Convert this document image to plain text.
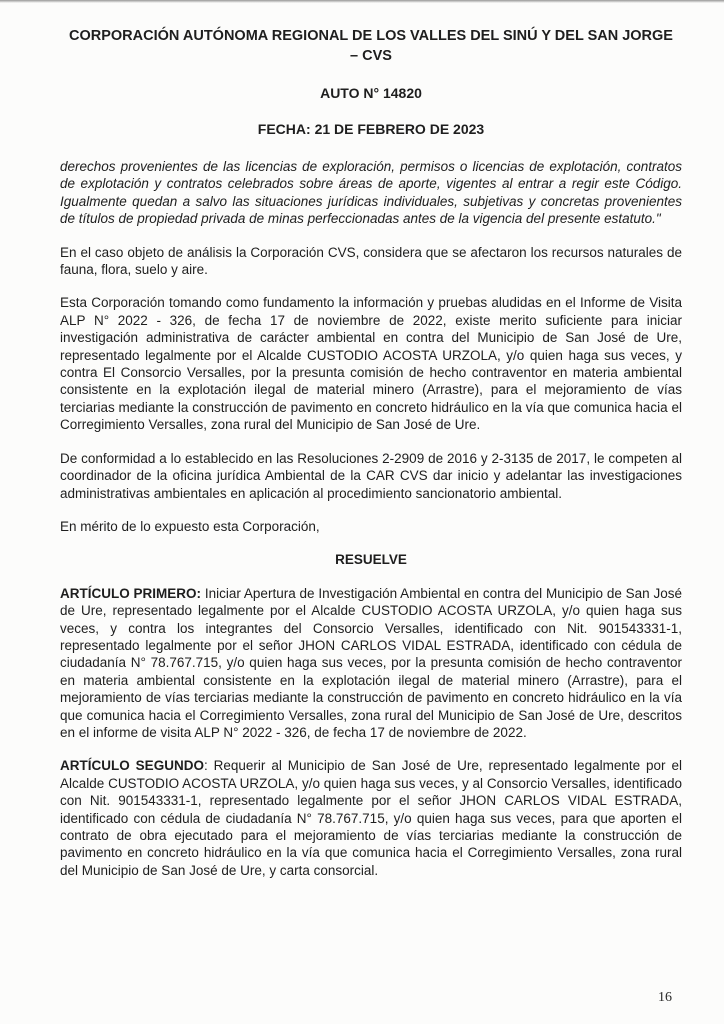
CORPORACIÓN AUTÓNOMA REGIONAL DE LOS VALLES DEL SINÚ Y DEL SAN JORGE – CVS
AUTO N° 14820
FECHA: 21 DE FEBRERO DE 2023

derechos provenientes de las licencias de exploración, permisos o licencias de explotación, contratos de explotación y contratos celebrados sobre áreas de aporte, vigentes al entrar a regir este Código. Igualmente quedan a salvo las situaciones jurídicas individuales, subjetivas y concretas provenientes de títulos de propiedad privada de minas perfeccionadas antes de la vigencia del presente estatuto."

En el caso objeto de análisis la Corporación CVS, considera que se afectaron los recursos naturales de fauna, flora, suelo y aire.

Esta Corporación tomando como fundamento la información y pruebas aludidas en el Informe de Visita ALP N° 2022 - 326, de fecha 17 de noviembre de 2022, existe merito suficiente para iniciar investigación administrativa de carácter ambiental en contra del Municipio de San José de Ure, representado legalmente por el Alcalde CUSTODIO ACOSTA URZOLA, y/o quien haga sus veces, y contra El Consorcio Versalles, por la presunta comisión de hecho contraventor en materia ambiental consistente en la explotación ilegal de material minero (Arrastre), para el mejoramiento de vías terciarias mediante la construcción de pavimento en concreto hidráulico en la vía que comunica hacia el Corregimiento Versalles, zona rural del Municipio de San José de Ure.

De conformidad a lo establecido en las Resoluciones 2-2909 de 2016 y 2-3135 de 2017, le competen al coordinador de la oficina jurídica Ambiental de la CAR CVS dar inicio y adelantar las investigaciones administrativas ambientales en aplicación al procedimiento sancionatorio ambiental.

En mérito de lo expuesto esta Corporación,

RESUELVE

ARTÍCULO PRIMERO: Iniciar Apertura de Investigación Ambiental en contra del Municipio de San José de Ure, representado legalmente por el Alcalde CUSTODIO ACOSTA URZOLA, y/o quien haga sus veces, y contra los integrantes del Consorcio Versalles, identificado con Nit. 901543331-1, representado legalmente por el señor JHON CARLOS VIDAL ESTRADA, identificado con cédula de ciudadanía N° 78.767.715, y/o quien haga sus veces, por la presunta comisión de hecho contraventor en materia ambiental consistente en la explotación ilegal de material minero (Arrastre), para el mejoramiento de vías terciarias mediante la construcción de pavimento en concreto hidráulico en la vía que comunica hacia el Corregimiento Versalles, zona rural del Municipio de San José de Ure, descritos en el informe de visita ALP N° 2022 - 326, de fecha 17 de noviembre de 2022.

ARTÍCULO SEGUNDO: Requerir al Municipio de San José de Ure, representado legalmente por el Alcalde CUSTODIO ACOSTA URZOLA, y/o quien haga sus veces, y al Consorcio Versalles, identificado con Nit. 901543331-1, representado legalmente por el señor JHON CARLOS VIDAL ESTRADA, identificado con cédula de ciudadanía N° 78.767.715, y/o quien haga sus veces, para que aporten el contrato de obra ejecutado para el mejoramiento de vías terciarias mediante la construcción de pavimento en concreto hidráulico en la vía que comunica hacia el Corregimiento Versalles, zona rural del Municipio de San José de Ure, y carta consorcial.

16
